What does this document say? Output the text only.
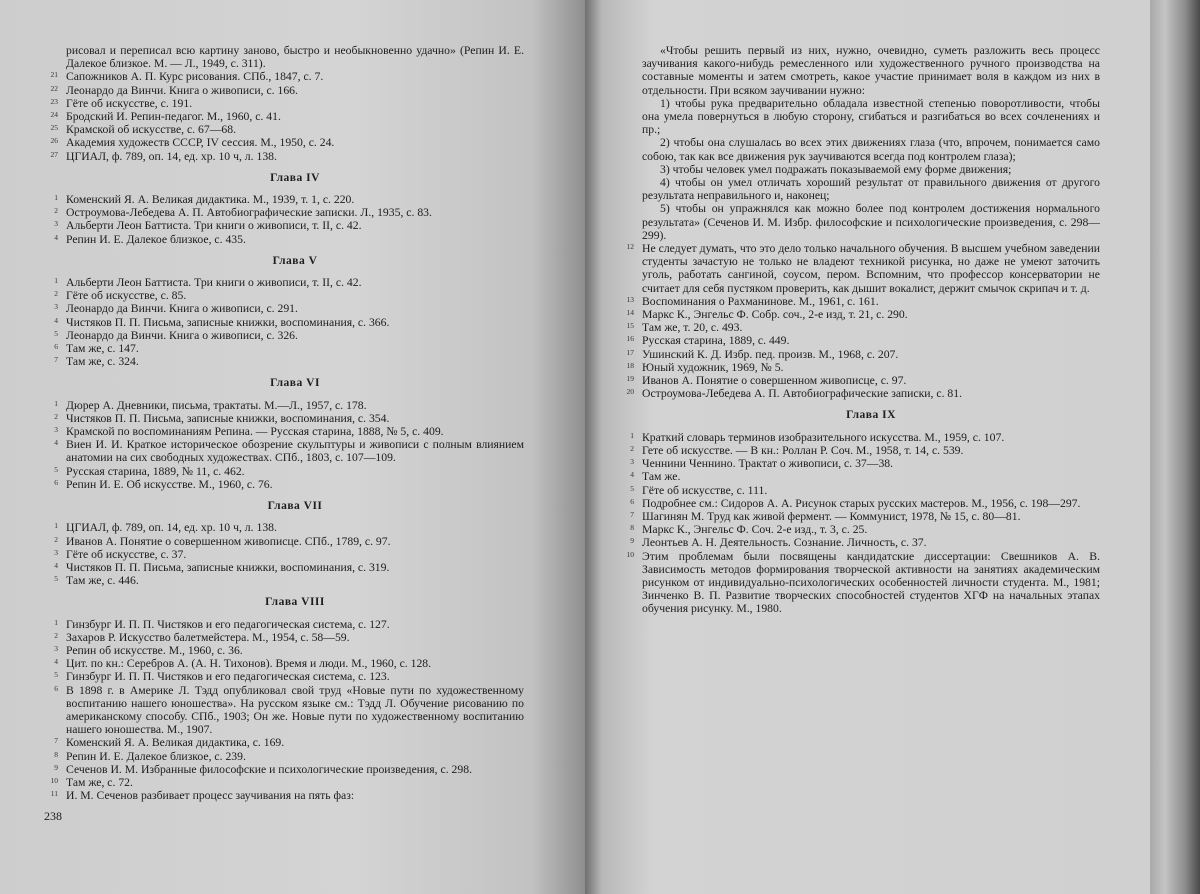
рисовал и переписал всю картину заново, быстро и необыкновенно удачно» (Репин И. Е. Далекое близкое. М. — Л., 1949, с. 311).

21 Сапожников А. П. Курс рисования. СПб., 1847, с. 7.

22 Леонардо да Винчи. Книга о живописи, с. 166.

23 Гёте об искусстве, с. 191.

24 Бродский И. Репин-педагог. М., 1960, с. 41.

25 Крамской об искусстве, с. 67—68.

26 Академия художеств СССР, IV сессия. М., 1950, с. 24.

27 ЦГИАЛ, ф. 789, оп. 14, ед. хр. 10 ч, л. 138.

Глава IV

1 Коменский Я. А. Великая дидактика. М., 1939, т. 1, с. 220.

2 Остроумова-Лебедева А. П. Автобиографические записки. Л., 1935, с. 83.

3 Альберти Леон Баттиста. Три книги о живописи, т. II, с. 42.

4 Репин И. Е. Далекое близкое, с. 435.

Глава V

1 Альберти Леон Баттиста. Три книги о живописи, т. II, с. 42.

2 Гёте об искусстве, с. 85.

3 Леонардо да Винчи. Книга о живописи, с. 291.

4 Чистяков П. П. Письма, записные книжки, воспоминания, с. 366.

5 Леонардо да Винчи. Книга о живописи, с. 326.

6 Там же, с. 147.

7 Там же, с. 324.

Глава VI

1 Дюрер А. Дневники, письма, трактаты. М.—Л., 1957, с. 178.

2 Чистяков П. П. Письма, записные книжки, воспоминания, с. 354.

3 Крамской по воспоминаниям Репина. — Русская старина, 1888, № 5, с. 409.

4 Виен И. И. Краткое историческое обозрение скульптуры и живописи с полным влиянием анатомии на сих свободных художествах. СПб., 1803, с. 107—109.

5 Русская старина, 1889, № 11, с. 462.

6 Репин И. Е. Об искусстве. М., 1960, с. 76.

Глава VII

1 ЦГИАЛ, ф. 789, оп. 14, ед. хр. 10 ч, л. 138.

2 Иванов А. Понятие о совершенном живописце. СПб., 1789, с. 97.

3 Гёте об искусстве, с. 37.

4 Чистяков П. П. Письма, записные книжки, воспоминания, с. 319.

5 Там же, с. 446.

Глава VIII

1 Гинзбург И. П. П. Чистяков и его педагогическая система, с. 127.

2 Захаров Р. Искусство балетмейстера. М., 1954, с. 58—59.

3 Репин об искусстве. М., 1960, с. 36.

4 Цит. по кн.: Серебров А. (А. Н. Тихонов). Время и люди. М., 1960, с. 128.

5 Гинзбург И. П. П. Чистяков и его педагогическая система, с. 123.

6 В 1898 г. в Америке Л. Тэдд опубликовал свой труд «Новые пути по художественному воспитанию нашего юношества». На русском языке см.: Тэдд Л. Обучение рисованию по американскому способу. СПб., 1903; Он же. Новые пути по художественному воспитанию нашего юношества. М., 1907.

7 Коменский Я. А. Великая дидактика, с. 169.

8 Репин И. Е. Далекое близкое, с. 239.

9 Сеченов И. М. Избранные философские и психологические произведения, с. 298.

10 Там же, с. 72.

11 И. М. Сеченов разбивает процесс заучивания на пять фаз:

238

«Чтобы решить первый из них, нужно, очевидно, суметь разложить весь процесс заучивания какого-нибудь ремесленного или художественного ручного производства на составные моменты и затем смотреть, какое участие принимает воля в каждом из них в отдельности. При всяком заучивании нужно:

1) чтобы рука предварительно обладала известной степенью поворотливости, чтобы она умела повернуться в любую сторону, сгибаться и разгибаться во всех сочленениях и пр.;

2) чтобы она слушалась во всех этих движениях глаза (что, впрочем, понимается само собою, так как все движения рук заучиваются всегда под контролем глаза);

3) чтобы человек умел подражать показываемой ему форме движения;

4) чтобы он умел отличать хороший результат от правильного движения от другого результата неправильного и, наконец;

5) чтобы он упражнялся как можно более под контролем достижения нормального результата» (Сеченов И. М. Избр. философские и психологические произведения, с. 298—299).

12 Не следует думать, что это дело только начального обучения. В высшем учебном заведении студенты зачастую не только не владеют техникой рисунка, но даже не умеют заточить уголь, работать сангиной, соусом, пером. Вспомним, что профессор консерватории не считает для себя пустяком проверить, как дышит вокалист, держит смычок скрипач и т. д.

13 Воспоминания о Рахманинове. М., 1961, с. 161.

14 Маркс К., Энгельс Ф. Собр. соч., 2-е изд, т. 21, с. 290.

15 Там же, т. 20, с. 493.

16 Русская старина, 1889, с. 449.

17 Ушинский К. Д. Избр. пед. произв. М., 1968, с. 207.

18 Юный художник, 1969, № 5.

19 Иванов А. Понятие о совершенном живописце, с. 97.

20 Остроумова-Лебедева А. П. Автобиографические записки, с. 81.

Глава IX

1 Краткий словарь терминов изобразительного искусства. М., 1959, с. 107.

2 Гете об искусстве. — В кн.: Роллан Р. Соч. М., 1958, т. 14, с. 539.

3 Ченнини Ченнино. Трактат о живописи, с. 37—38.

4 Там же.

5 Гёте об искусстве, с. 111.

6 Подробнее см.: Сидоров А. А. Рисунок старых русских мастеров. М., 1956, с. 198—297.

7 Шагинян М. Труд как живой фермент. — Коммунист, 1978, № 15, с. 80—81.

8 Маркс К., Энгельс Ф. Соч. 2-е изд., т. 3, с. 25.

9 Леонтьев А. Н. Деятельность. Сознание. Личность, с. 37.

10 Этим проблемам были посвящены кандидатские диссертации: Свешников А. В. Зависимость методов формирования творческой активности на занятиях академическим рисунком от индивидуально-психологических особенностей личности студента. М., 1981; Зинченко В. П. Развитие творческих способностей студентов ХГФ на начальных этапах обучения рисунку. М., 1980.
